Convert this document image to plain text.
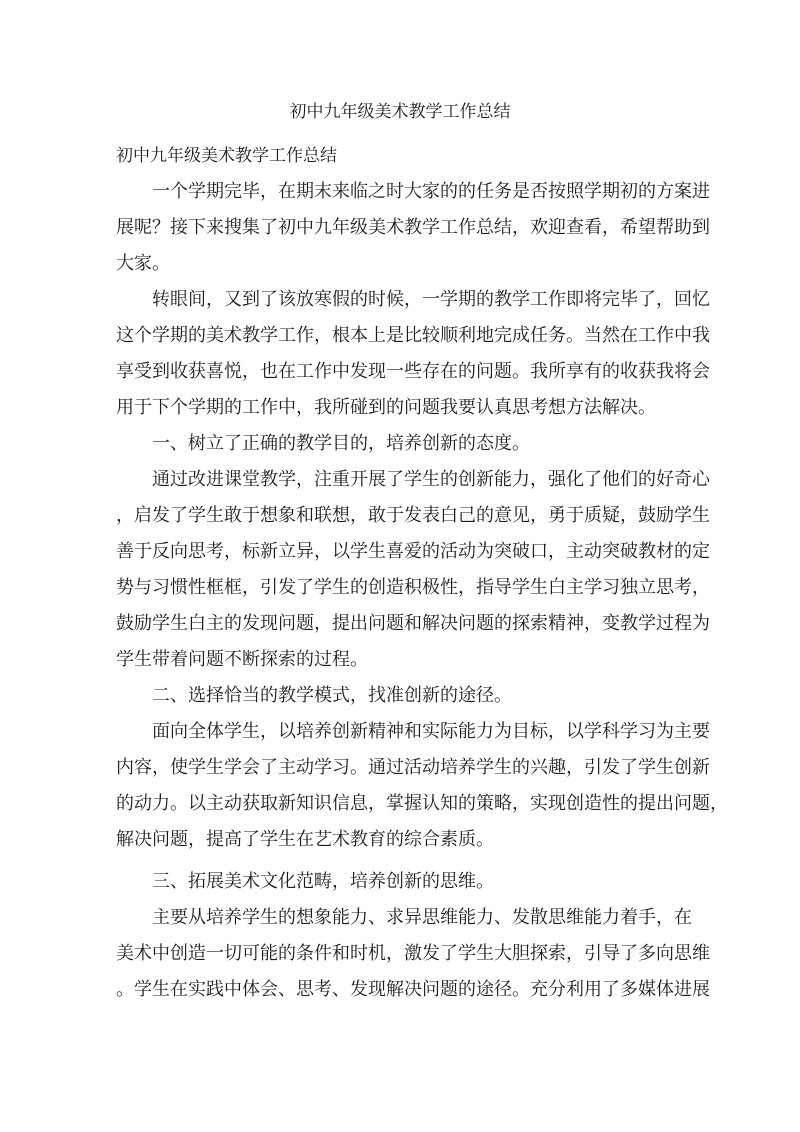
初中九年级美术教学工作总结
初中九年级美术教学工作总结
一个学期完毕，在期末来临之时大家的的任务是否按照学期初的方案进
展呢？接下来搜集了初中九年级美术教学工作总结，欢迎查看，希望帮助到
大家。
转眼间，又到了该放寒假的时候，一学期的教学工作即将完毕了，回忆
这个学期的美术教学工作，根本上是比较顺利地完成任务。当然在工作中我
享受到收获喜悦，也在工作中发现一些存在的问题。我所享有的收获我将会
用于下个学期的工作中，我所碰到的问题我要认真思考想方法解决。
一、树立了正确的教学目的，培养创新的态度。
通过改进课堂教学，注重开展了学生的创新能力，强化了他们的好奇心
，启发了学生敢于想象和联想，敢于发表白己的意见，勇于质疑，鼓励学生
善于反向思考，标新立异，以学生喜爱的活动为突破口，主动突破教材的定
势与习惯性框框，引发了学生的创造积极性，指导学生白主学习独立思考，
鼓励学生白主的发现问题，提出问题和解决问题的探索精神，变教学过程为
学生带着问题不断探索的过程。
二、选择恰当的教学模式，找准创新的途径。
面向全体学生，以培养创新精神和实际能力为目标，以学科学习为主要
内容，使学生学会了主动学习。通过活动培养学生的兴趣，引发了学生创新
的动力。以主动获取新知识信息，掌握认知的策略，实现创造性的提出问题，
解决问题，提高了学生在艺术教育的综合素质。
三、拓展美术文化范畴，培养创新的思维。
主要从培养学生的想象能力、求异思维能力、发散思维能力着手，在
美术中创造一切可能的条件和时机，激发了学生大胆探索，引导了多向思维
。学生在实践中体会、思考、发现解决问题的途径。充分利用了多媒体进展
